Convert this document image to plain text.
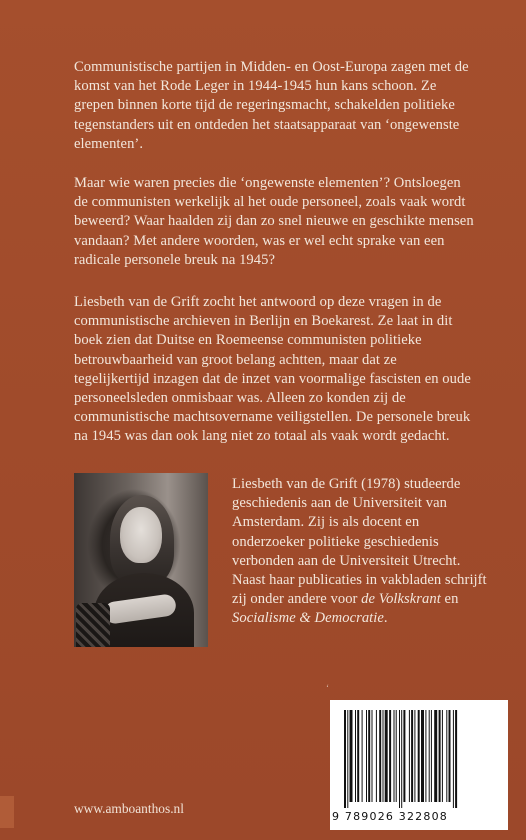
Communistische partijen in Midden- en Oost-Europa zagen met de komst van het Rode Leger in 1944-1945 hun kans schoon. Ze grepen binnen korte tijd de regeringsmacht, schakelden politieke tegenstanders uit en ontdeden het staatsapparaat van ‘ongewenste elementen’.

Maar wie waren precies die ‘ongewenste elementen’? Ontsloegen de communisten werkelijk al het oude personeel, zoals vaak wordt beweerd? Waar haalden zij dan zo snel nieuwe en geschikte mensen vandaan? Met andere woorden, was er wel echt sprake van een radicale personele breuk na 1945?

Liesbeth van de Grift zocht het antwoord op deze vragen in de communistische archieven in Berlijn en Boekarest. Ze laat in dit boek zien dat Duitse en Roemeense communisten politieke betrouwbaarheid van groot belang achtten, maar dat ze tegelijkertijd inzagen dat de inzet van voormalige fascisten en oude personeelsleden onmisbaar was. Alleen zo konden zij de communistische machtsovername veiligstellen. De personele breuk na 1945 was dan ook lang niet zo totaal als vaak wordt gedacht.

Liesbeth van de Grift (1978) studeerde geschiedenis aan de Universiteit van Amsterdam. Zij is als docent en onderzoeker politieke geschiedenis verbonden aan de Universiteit Utrecht. Naast haar publicaties in vakbladen schrijft zij onder andere voor de Volkskrant en Socialisme & Democratie.

‘
9 789026 322808

www.amboanthos.nl
